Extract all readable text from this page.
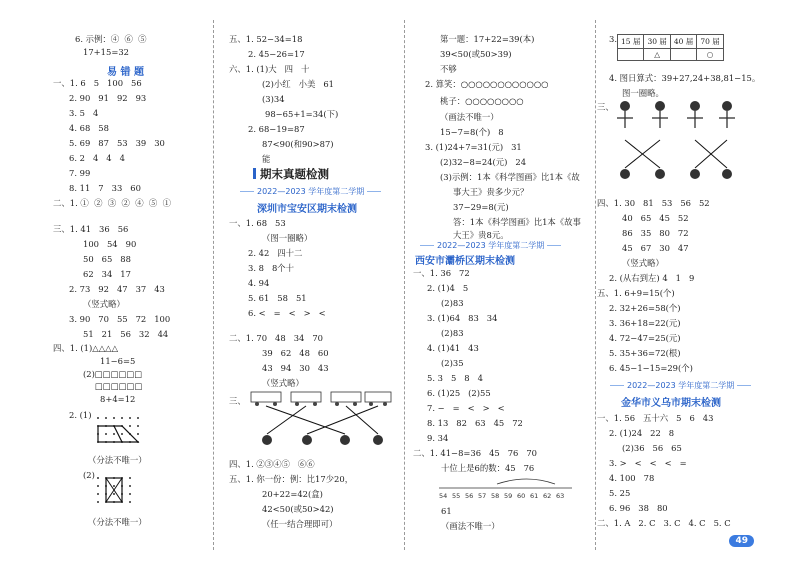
6. 示例：④  ⑥  ⑤
17+15=32
易 错 题
一、1. 6   5   100   56
2. 90   91   92   93
3. 5   4
4. 68   58
5. 69   87   53   39   30
6. 2   4   4   4
7. 99
8. 11   7   33   60
二、1. ①  ②  ③  ②  ④  ⑤  ①
三、1. 41   36   56
100   54   90
50   65   88
62   34   17
2. 73   92   47   37   43
（竖式略）
3. 90   70   55   72   100
51   21   56   32   44
四、1. (1)△△△△
11−6=5
(2)□□□□□□
□□□□□□
8+4=12
2. (1)
（分法不唯一）
(2)
（分法不唯一）
五、1. 52−34=18
2. 45−26=17
六、1. (1)大   四   十
(2)小红   小美   61
(3)34
98−65+1=34(下)
2. 68−19=87
87<90(和90>87)
能
期末真题检测
2022—2023 学年度第二学期
深圳市宝安区期末检测
一、1. 68   53
（图一圈略）
2. 42   四十二
3. 8   8个十
4. 94
5. 61   58   51
6. <   =   <   >   <
二、1. 70   48   34   70
39   62   48   60
43   94   30   43
（竖式略）
三、
四、1. ②③④⑤   ⑥⑥
五、1. 你一份：例：比17少20，
20+22=42(盒)
42<50(或50>42)
（任一结合理即可）
第一题：17+22=39(本)
39<50(或50>39)
不够
2. 算笑：○○○○○○○○○○○○
桃子：○○○○○○○○
（画法不唯一）
15−7=8(个)   8
3. (1)24+7=31(元)   31
(2)32−8=24(元)   24
(3)示例：1本《科学图画》比1本《故
事大王》贵多少元？
37−29=8(元)
答：1本《科学图画》比1本《故事
大王》贵8元。
2022—2023 学年度第二学期
西安市灞桥区期末检测
一、1. 36   72
2. (1)4   5
(2)83
3. (1)64   83   34
(2)83
4. (1)41   43
(2)35
5. 3   5   8   4
6. (1)25   (2)55
7. −   =   <   >   <
8. 13   82   63   45   72
9. 34
二、1. 41−8=36   45   76   70
十位上是6的数：45   76
54 55 56 57 58 59 60 61 62 63
61
（画法不唯一）
3. 15 届	30 届	40 届	70 届
	△		○
4. 图日算式：39+27,24+38,81−15。
图一圈略。
三、
四、1. 30   81   53   56   52
40   65   45   52
86   35   80   72
45   67   30   47
（竖式略）
2. (从右到左) 4   1   9
五、1. 6+9=15(个)
2. 32+26=58(个)
3. 36+18=22(元)
4. 72−47=25(元)
5. 35+36=72(根)
6. 45−1−15=29(个)
2022—2023 学年度第二学期
金华市义乌市期末检测
一、1. 56   五十六   5   6   43
2. (1)24   22   8
(2)36   56   65
3. >   <   <   <   =
4. 100   78
5. 25
6. 96   38   80
二、1. A   2. C   3. C   4. C   5. C
49
